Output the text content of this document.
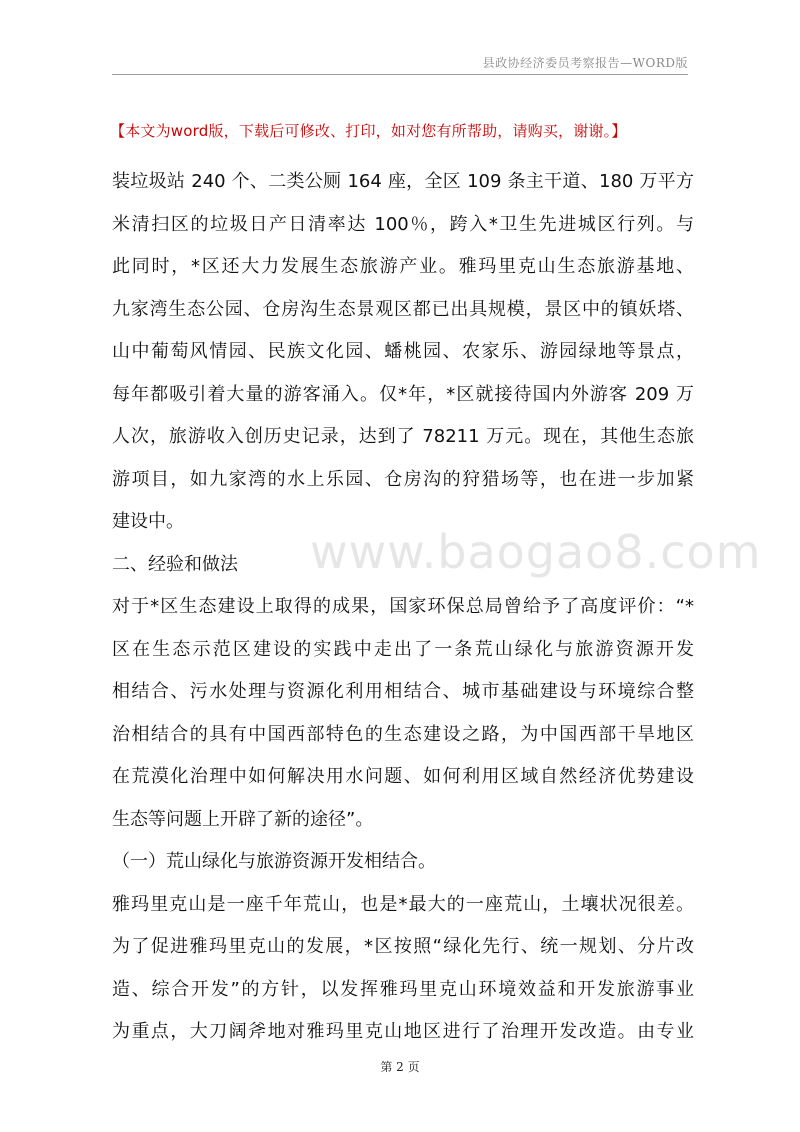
县政协经济委员考察报告—WORD版
【本文为word版，下载后可修改、打印，如对您有所帮助，请购买，谢谢。】
www.baogao8.com
装垃圾站 240 个、二类公厕 164 座，全区 109 条主干道、180 万平方
米清扫区的垃圾日产日清率达 100％，跨入*卫生先进城区行列。与
此同时，*区还大力发展生态旅游产业。雅玛里克山生态旅游基地、
九家湾生态公园、仓房沟生态景观区都已出具规模，景区中的镇妖塔、
山中葡萄风情园、民族文化园、蟠桃园、农家乐、游园绿地等景点，
每年都吸引着大量的游客涌入。仅*年，*区就接待国内外游客 209 万
人次，旅游收入创历史记录，达到了 78211 万元。现在，其他生态旅
游项目，如九家湾的水上乐园、仓房沟的狩猎场等，也在进一步加紧
建设中。
二、经验和做法
对于*区生态建设上取得的成果，国家环保总局曾给予了高度评价：“*
区在生态示范区建设的实践中走出了一条荒山绿化与旅游资源开发
相结合、污水处理与资源化利用相结合、城市基础建设与环境综合整
治相结合的具有中国西部特色的生态建设之路，为中国西部干旱地区
在荒漠化治理中如何解决用水问题、如何利用区域自然经济优势建设
生态等问题上开辟了新的途径”。
（一）荒山绿化与旅游资源开发相结合。
雅玛里克山是一座千年荒山，也是*最大的一座荒山，土壤状况很差。
为了促进雅玛里克山的发展，*区按照“绿化先行、统一规划、分片改
造、综合开发”的方针，以发挥雅玛里克山环境效益和开发旅游事业
为重点，大刀阔斧地对雅玛里克山地区进行了治理开发改造。由专业
第 2 页
